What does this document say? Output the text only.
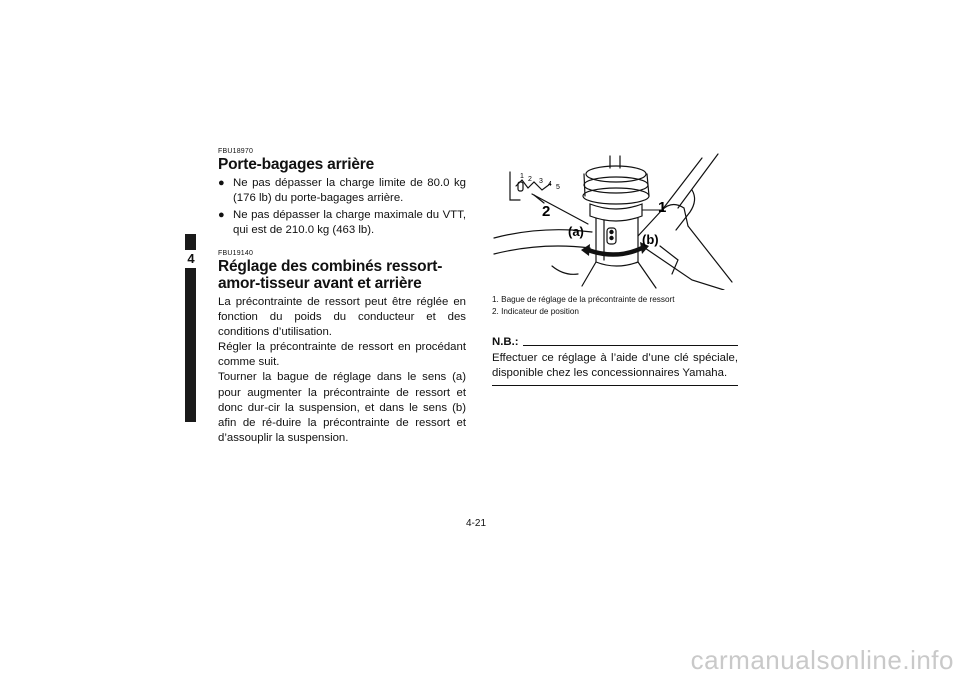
4

FBU18970

Porte-bagages arrière

● Ne pas dépasser la charge limite de 80.0 kg (176 lb) du porte-bagages arrière.
● Ne pas dépasser la charge maximale du VTT, qui est de 210.0 kg (463 lb).

FBU19140

Réglage des combinés ressort-amor-tisseur avant et arrière

La précontrainte de ressort peut être réglée en fonction du poids du conducteur et des conditions d’utilisation.

Régler la précontrainte de ressort en procédant comme suit.

Tourner la bague de réglage dans le sens (a) pour augmenter la précontrainte de ressort et donc dur-cir la suspension, et dans le sens (b) afin de ré-duire la précontrainte de ressort et d’assouplir la suspension.

1 2 3 4 5
2	1
(a)
(b)

1. Bague de réglage de la précontrainte de ressort

2. Indicateur de position

N.B.:

Effectuer ce réglage à l’aide d’une clé spéciale, disponible chez les concessionnaires Yamaha.

4-21
carmanualsonline.info
